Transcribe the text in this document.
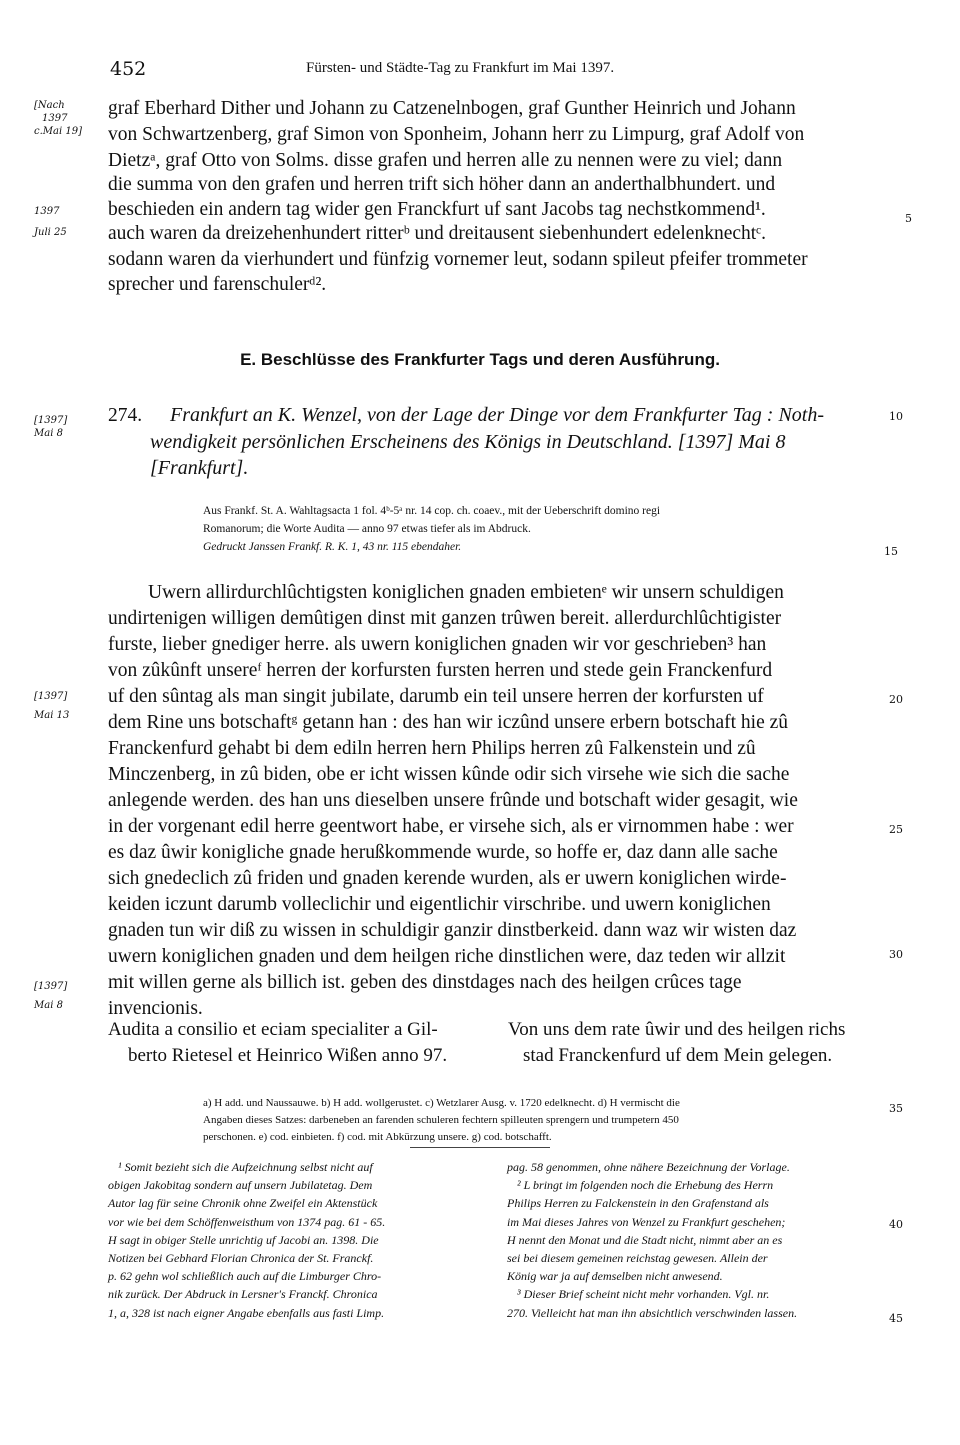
452	Fürsten- und Städte-Tag zu Frankfurt im Mai 1397.
[Nach
1397
c.Mai 19]
1397
Juli 25
[1397]
Mai 8
[1397]
Mai 13
[1397]
Mai 8
5
10
15
20
25
30
35
40
45
graf Eberhard Dither und Johann zu Catzenelnbogen, graf Gunther Heinrich und Johann
von Schwartzenberg, graf Simon von Sponheim, Johann herr zu Limpurg, graf Adolf von
Dietzᵃ, graf Otto von Solms. disse grafen und herren alle zu nennen were zu viel; dann
die summa von den grafen und herren trift sich höher dann an anderthalbhundert. und
beschieden ein andern tag wider gen Franckfurt uf sant Jacobs tag nechstkommend¹.
auch waren da dreizehenhundert ritterᵇ und dreitausent siebenhundert edelenknechtᶜ.
sodann waren da vierhundert und fünfzig vornemer leut, sodann spileut pfeifer trommeter
sprecher und farenschulerᵈ².
E. Beschlüsse des Frankfurter Tags und deren Ausführung.
274. Frankfurt an K. Wenzel, von der Lage der Dinge vor dem Frankfurter Tag : Noth-
wendigkeit persönlichen Erscheinens des Königs in Deutschland. [1397] Mai 8
[Frankfurt].
Aus Frankf. St. A. Wahltagsacta 1 fol. 4ᵇ-5ᵃ nr. 14 cop. ch. coaev., mit der Ueberschrift domino regi
Romanorum; die Worte Audita — anno 97 etwas tiefer als im Abdruck.
Gedruckt Janssen Frankf. R. K. 1, 43 nr. 115 ebendaher.
Uwern allirdurchlûchtigsten koniglichen gnaden embietenᵉ wir unsern schuldigen
undirtenigen willigen demûtigen dinst mit ganzen trûwen bereit. allerdurchlûchtigister
furste, lieber gnediger herre. als uwern koniglichen gnaden wir vor geschrieben³ han
von zûkûnft unsereᶠ herren der korfursten fursten herren und stede gein Franckenfurd
uf den sûntag als man singit jubilate, darumb ein teil unsere herren der korfursten uf
dem Rine uns botschaftᵍ getann han : des han wir iczûnd unsere erbern botschaft hie zû
Franckenfurd gehabt bi dem ediln herren hern Philips herren zû Falkenstein und zû
Minczenberg, in zû biden, obe er icht wissen kûnde odir sich virsehe wie sich die sache
anlegende werden. des han uns dieselben unsere frûnde und botschaft wider gesagit, wie
in der vorgenant edil herre geentwort habe, er virsehe sich, als er virnommen habe : wer
es daz ûwir konigliche gnade herußkommende wurde, so hoffe er, daz dann alle sache
sich gnedeclich zû friden und gnaden kerende wurden, als er uwern koniglichen wirde-
keiden iczunt darumb volleclichir und eigentlichir virschribe. und uwern koniglichen
gnaden tun wir diß zu wissen in schuldigir ganzir dinstberkeid. dann waz wir wisten daz
uwern koniglichen gnaden und dem heilgen riche dinstlichen were, daz teden wir allzit
mit willen gerne als billich ist. geben des dinstdages nach des heilgen crûces tage
invencionis.
Audita a consilio et eciam specialiter a Gil-
berto Rietesel et Heinrico Wißen anno 97.
Von uns dem rate ûwir und des heilgen richs
stad Franckenfurd uf dem Mein gelegen.
a) H add. und Naussauwe. b) H add. wollgerustet. c) Wetzlarer Ausg. v. 1720 edelknecht. d) H vermischt die
Angaben dieses Satzes: darbeneben an farenden schuleren fechtern spilleuten sprengern und trumpetern 450
perschonen. e) cod. einbieten. f) cod. mit Abkürzung unsere. g) cod. botschafft.
¹ Somit bezieht sich die Aufzeichnung selbst nicht auf
obigen Jakobitag sondern auf unsern Jubilatetag. Dem
Autor lag für seine Chronik ohne Zweifel ein Aktenstück
vor wie bei dem Schöffenweisthum von 1374 pag. 61 - 65.
H sagt in obiger Stelle unrichtig uf Jacobi an. 1398. Die
Notizen bei Gebhard Florian Chronica der St. Franckf.
p. 62 gehn wol schließlich auch auf die Limburger Chro-
nik zurück. Der Abdruck in Lersner's Franckf. Chronica
1, a, 328 ist nach eigner Angabe ebenfalls aus fasti Limp.
pag. 58 genommen, ohne nähere Bezeichnung der Vorlage.
² L bringt im folgenden noch die Erhebung des Herrn
Philips Herren zu Falckenstein in den Grafenstand als
im Mai dieses Jahres von Wenzel zu Frankfurt geschehen;
H nennt den Monat und die Stadt nicht, nimmt aber an es
sei bei diesem gemeinen reichstag gewesen. Allein der
König war ja auf demselben nicht anwesend.
³ Dieser Brief scheint nicht mehr vorhanden. Vgl. nr.
270. Vielleicht hat man ihn absichtlich verschwinden lassen.
